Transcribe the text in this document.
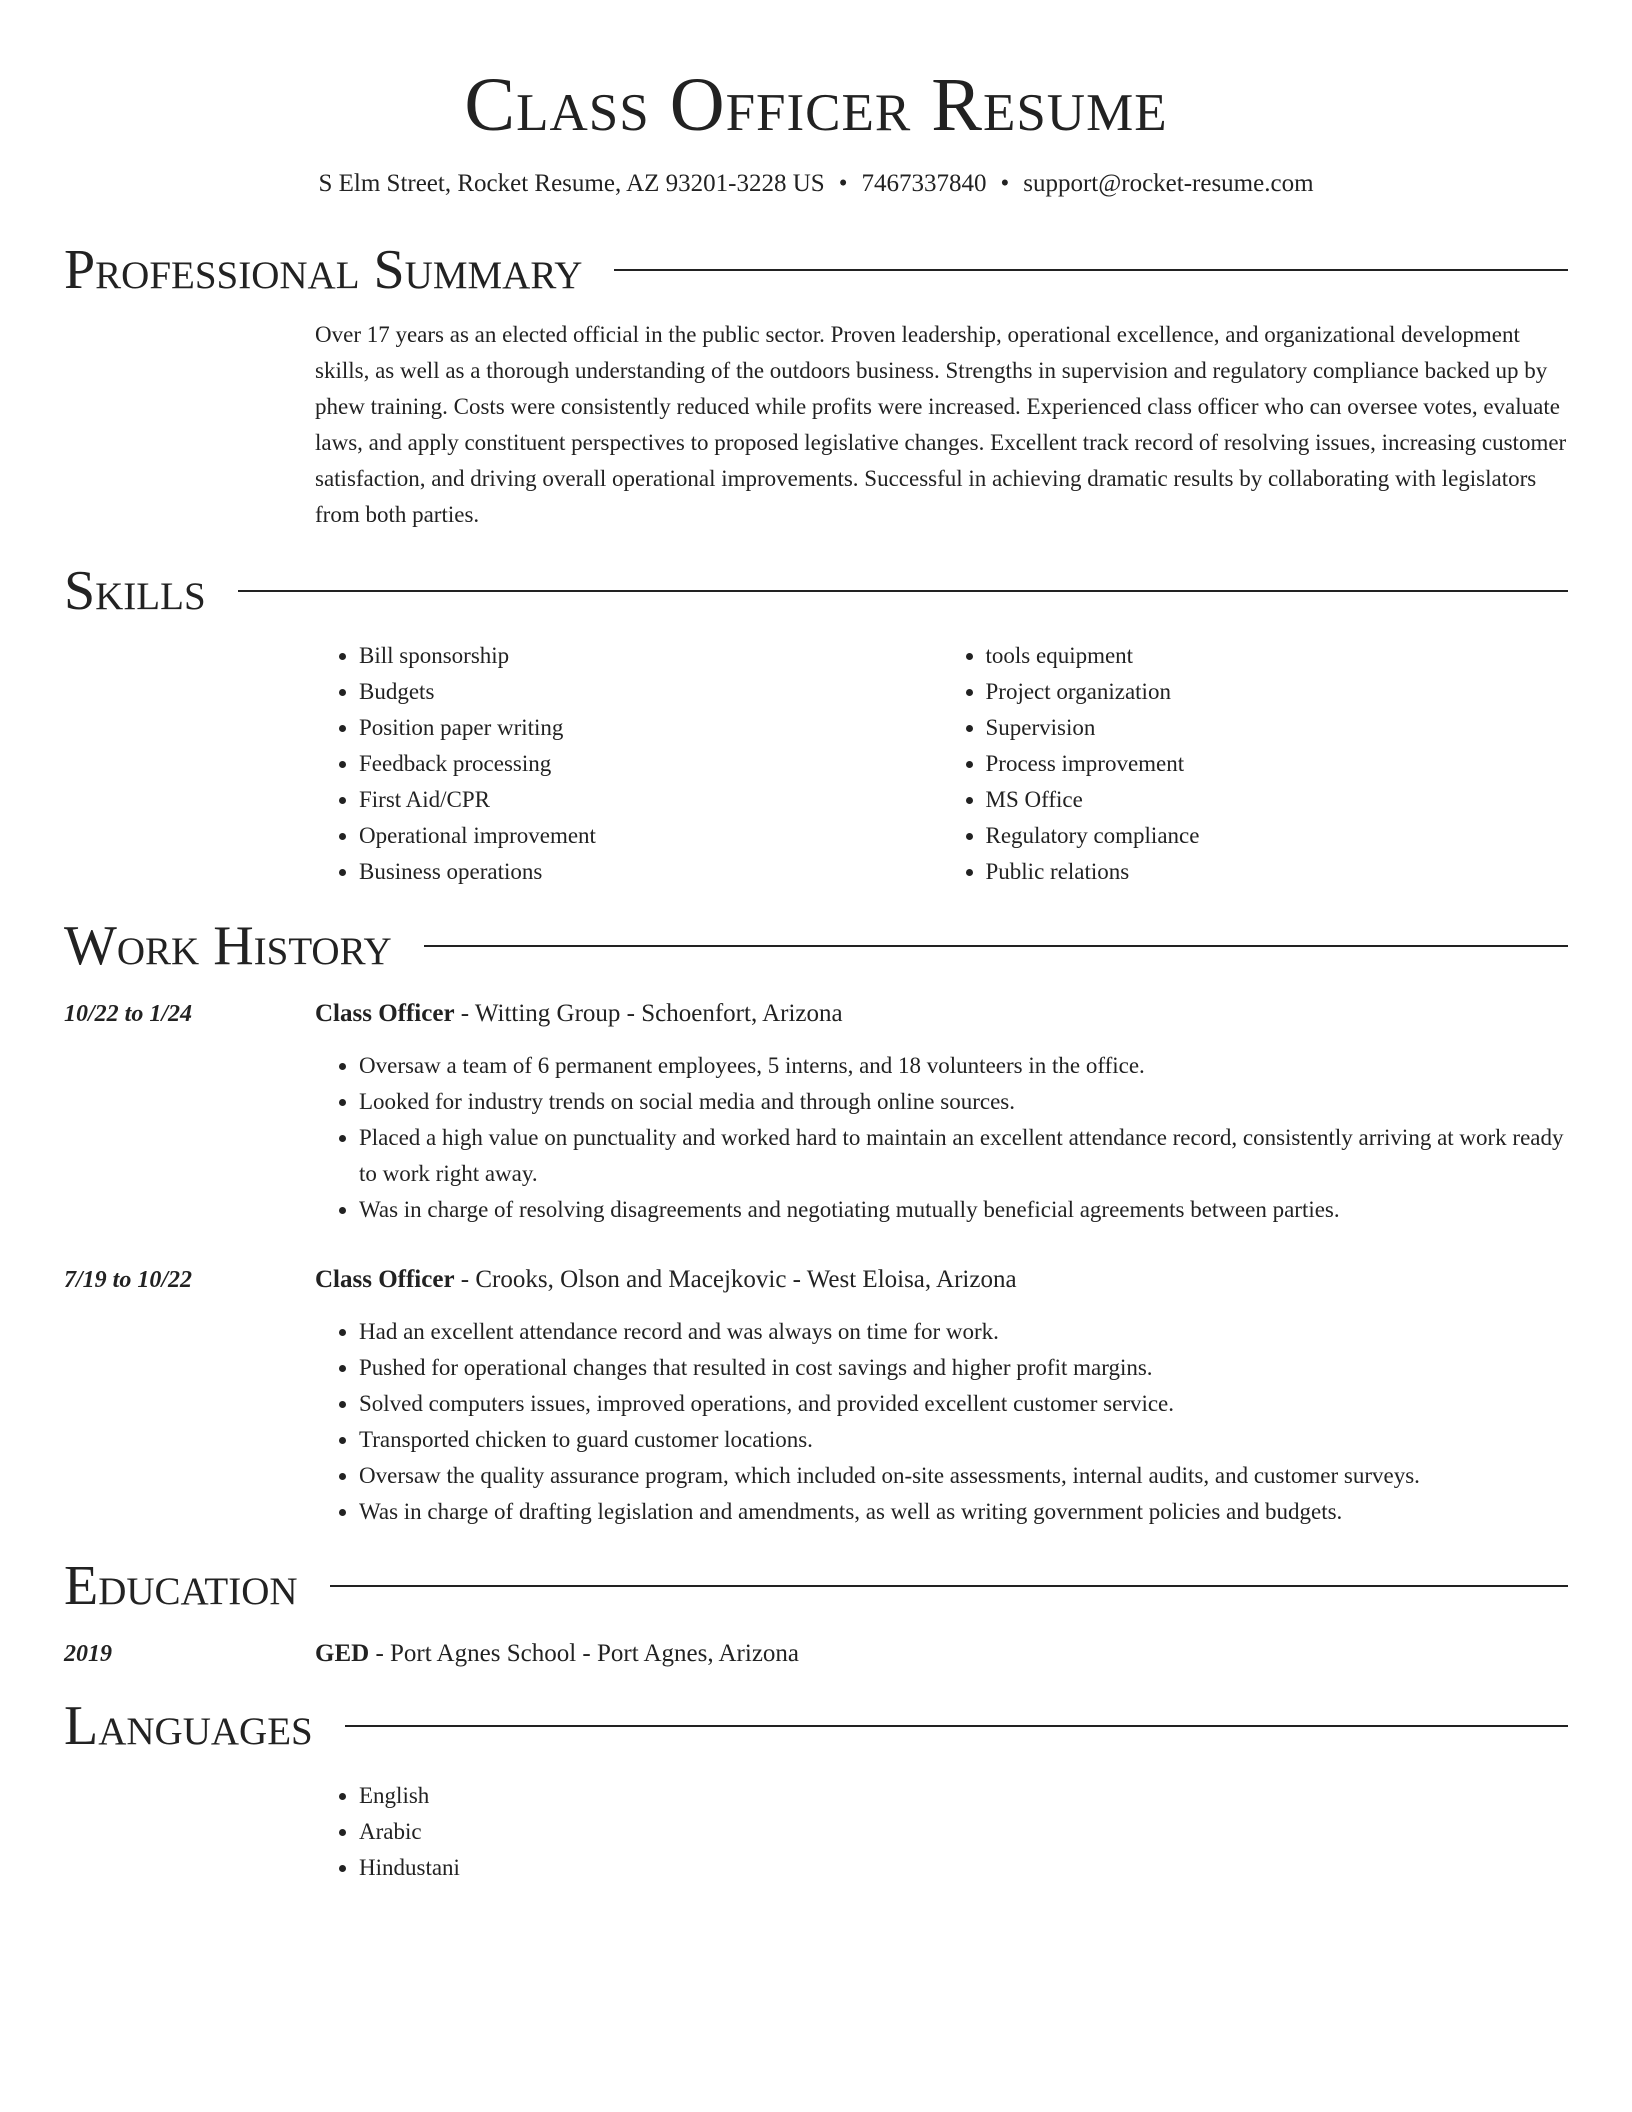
Class Officer Resume
S Elm Street, Rocket Resume, AZ 93201-3228 US • 7467337840 • support@rocket-resume.com
Professional Summary

Over 17 years as an elected official in the public sector. Proven leadership, operational excellence, and organizational development skills, as well as a thorough understanding of the outdoors business. Strengths in supervision and regulatory compliance backed up by phew training. Costs were consistently reduced while profits were increased. Experienced class officer who can oversee votes, evaluate laws, and apply constituent perspectives to proposed legislative changes. Excellent track record of resolving issues, increasing customer satisfaction, and driving overall operational improvements. Successful in achieving dramatic results by collaborating with legislators from both parties.

Skills
• Bill sponsorship
• Budgets
• Position paper writing
• Feedback processing
• First Aid/CPR
• Operational improvement
• Business operations
• tools equipment
• Project organization
• Supervision
• Process improvement
• MS Office
• Regulatory compliance
• Public relations
Work History
10/22 to 1/24	Class Officer - Witting Group - Schoenfort, Arizona
• Oversaw a team of 6 permanent employees, 5 interns, and 18 volunteers in the office.
• Looked for industry trends on social media and through online sources.
• Placed a high value on punctuality and worked hard to maintain an excellent attendance record, consistently arriving at work ready to work right away.
• Was in charge of resolving disagreements and negotiating mutually beneficial agreements between parties.
7/19 to 10/22	Class Officer - Crooks, Olson and Macejkovic - West Eloisa, Arizona
• Had an excellent attendance record and was always on time for work.
• Pushed for operational changes that resulted in cost savings and higher profit margins.
• Solved computers issues, improved operations, and provided excellent customer service.
• Transported chicken to guard customer locations.
• Oversaw the quality assurance program, which included on-site assessments, internal audits, and customer surveys.
• Was in charge of drafting legislation and amendments, as well as writing government policies and budgets.
Education
2019	GED - Port Agnes School - Port Agnes, Arizona
Languages
• English
• Arabic
• Hindustani
